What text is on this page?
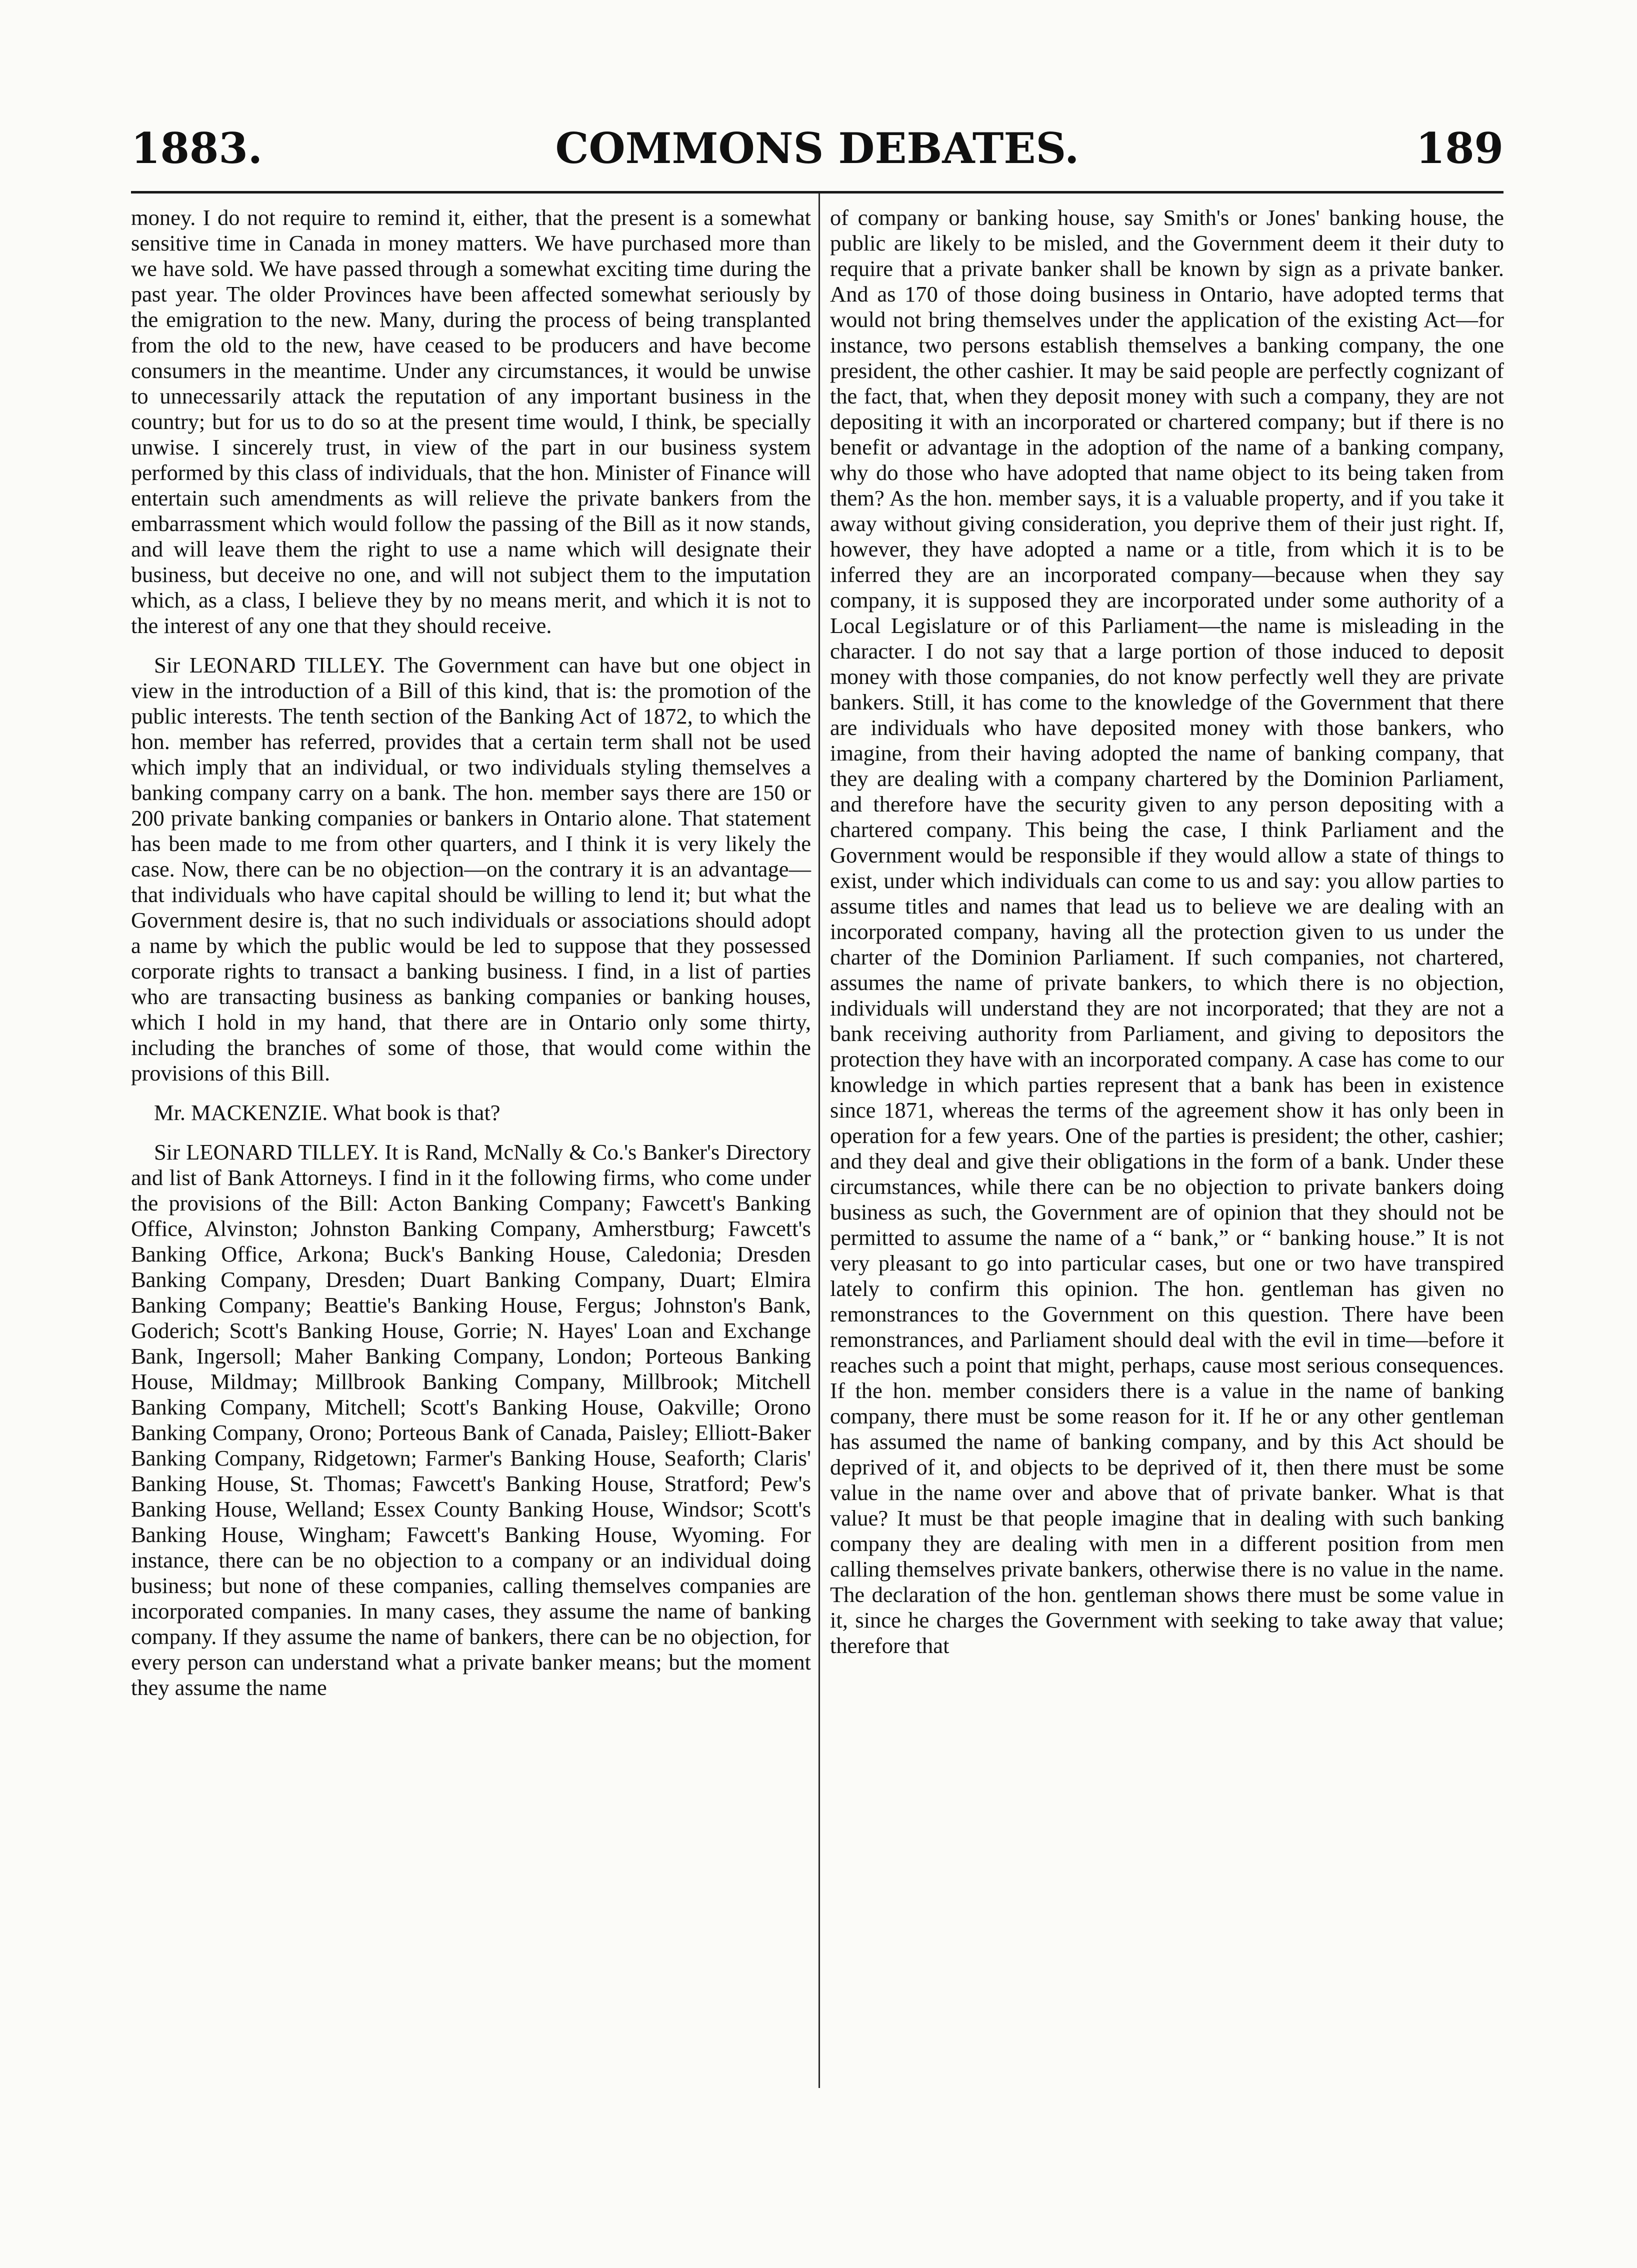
1883.	COMMONS DEBATES.	189

money. I do not require to remind it, either, that the present is a somewhat sensitive time in Canada in money matters. We have purchased more than we have sold. We have passed through a somewhat exciting time during the past year. The older Provinces have been affected somewhat seriously by the emigration to the new. Many, during the process of being transplanted from the old to the new, have ceased to be producers and have become consumers in the meantime. Under any circumstances, it would be unwise to unnecessarily attack the reputation of any important business in the country; but for us to do so at the present time would, I think, be specially unwise. I sincerely trust, in view of the part in our business system performed by this class of individuals, that the hon. Minister of Finance will entertain such amendments as will relieve the private bankers from the embarrassment which would follow the passing of the Bill as it now stands, and will leave them the right to use a name which will designate their business, but deceive no one, and will not subject them to the imputation which, as a class, I believe they by no means merit, and which it is not to the interest of any one that they should receive.

Sir LEONARD TILLEY. The Government can have but one object in view in the introduction of a Bill of this kind, that is: the promotion of the public interests. The tenth section of the Banking Act of 1872, to which the hon. member has referred, provides that a certain term shall not be used which imply that an individual, or two individuals styling themselves a banking company carry on a bank. The hon. member says there are 150 or 200 private banking companies or bankers in Ontario alone. That statement has been made to me from other quarters, and I think it is very likely the case. Now, there can be no objection—on the contrary it is an advantage—that individuals who have capital should be willing to lend it; but what the Government desire is, that no such individuals or associations should adopt a name by which the public would be led to suppose that they possessed corporate rights to transact a banking business. I find, in a list of parties who are transacting business as banking companies or banking houses, which I hold in my hand, that there are in Ontario only some thirty, including the branches of some of those, that would come within the provisions of this Bill.

Mr. MACKENZIE. What book is that?

Sir LEONARD TILLEY. It is Rand, McNally & Co.'s Banker's Directory and list of Bank Attorneys. I find in it the following firms, who come under the provisions of the Bill: Acton Banking Company; Fawcett's Banking Office, Alvinston; Johnston Banking Company, Amherstburg; Fawcett's Banking Office, Arkona; Buck's Banking House, Caledonia; Dresden Banking Company, Dresden; Duart Banking Company, Duart; Elmira Banking Company; Beattie's Banking House, Fergus; Johnston's Bank, Goderich; Scott's Banking House, Gorrie; N. Hayes' Loan and Exchange Bank, Ingersoll; Maher Banking Company, London; Porteous Banking House, Mildmay; Millbrook Banking Company, Millbrook; Mitchell Banking Company, Mitchell; Scott's Banking House, Oakville; Orono Banking Company, Orono; Porteous Bank of Canada, Paisley; Elliott-Baker Banking Company, Ridgetown; Farmer's Banking House, Seaforth; Claris' Banking House, St. Thomas; Fawcett's Banking House, Stratford; Pew's Banking House, Welland; Essex County Banking House, Windsor; Scott's Banking House, Wingham; Fawcett's Banking House, Wyoming. For instance, there can be no objection to a company or an individual doing business; but none of these companies, calling themselves companies are incorporated companies. In many cases, they assume the name of banking company. If they assume the name of bankers, there can be no objection, for every person can understand what a private banker means; but the moment they assume the name

of company or banking house, say Smith's or Jones' banking house, the public are likely to be misled, and the Government deem it their duty to require that a private banker shall be known by sign as a private banker. And as 170 of those doing business in Ontario, have adopted terms that would not bring themselves under the application of the existing Act—for instance, two persons establish themselves a banking company, the one president, the other cashier. It may be said people are perfectly cognizant of the fact, that, when they deposit money with such a company, they are not depositing it with an incorporated or chartered company; but if there is no benefit or advantage in the adoption of the name of a banking company, why do those who have adopted that name object to its being taken from them? As the hon. member says, it is a valuable property, and if you take it away without giving consideration, you deprive them of their just right. If, however, they have adopted a name or a title, from which it is to be inferred they are an incorporated company—because when they say company, it is supposed they are incorporated under some authority of a Local Legislature or of this Parliament—the name is misleading in the character. I do not say that a large portion of those induced to deposit money with those companies, do not know perfectly well they are private bankers. Still, it has come to the knowledge of the Government that there are individuals who have deposited money with those bankers, who imagine, from their having adopted the name of banking company, that they are dealing with a company chartered by the Dominion Parliament, and therefore have the security given to any person depositing with a chartered company. This being the case, I think Parliament and the Government would be responsible if they would allow a state of things to exist, under which individuals can come to us and say: you allow parties to assume titles and names that lead us to believe we are dealing with an incorporated company, having all the protection given to us under the charter of the Dominion Parliament. If such companies, not chartered, assumes the name of private bankers, to which there is no objection, individuals will understand they are not incorporated; that they are not a bank receiving authority from Parliament, and giving to depositors the protection they have with an incorporated company. A case has come to our knowledge in which parties represent that a bank has been in existence since 1871, whereas the terms of the agreement show it has only been in operation for a few years. One of the parties is president; the other, cashier; and they deal and give their obligations in the form of a bank. Under these circumstances, while there can be no objection to private bankers doing business as such, the Government are of opinion that they should not be permitted to assume the name of a “ bank,” or “ banking house.” It is not very pleasant to go into particular cases, but one or two have transpired lately to confirm this opinion. The hon. gentleman has given no remonstrances to the Government on this question. There have been remonstrances, and Parliament should deal with the evil in time—before it reaches such a point that might, perhaps, cause most serious consequences. If the hon. member considers there is a value in the name of banking company, there must be some reason for it. If he or any other gentleman has assumed the name of banking company, and by this Act should be deprived of it, and objects to be deprived of it, then there must be some value in the name over and above that of private banker. What is that value? It must be that people imagine that in dealing with such banking company they are dealing with men in a different position from men calling themselves private bankers, otherwise there is no value in the name. The declaration of the hon. gentleman shows there must be some value in it, since he charges the Government with seeking to take away that value; therefore that
